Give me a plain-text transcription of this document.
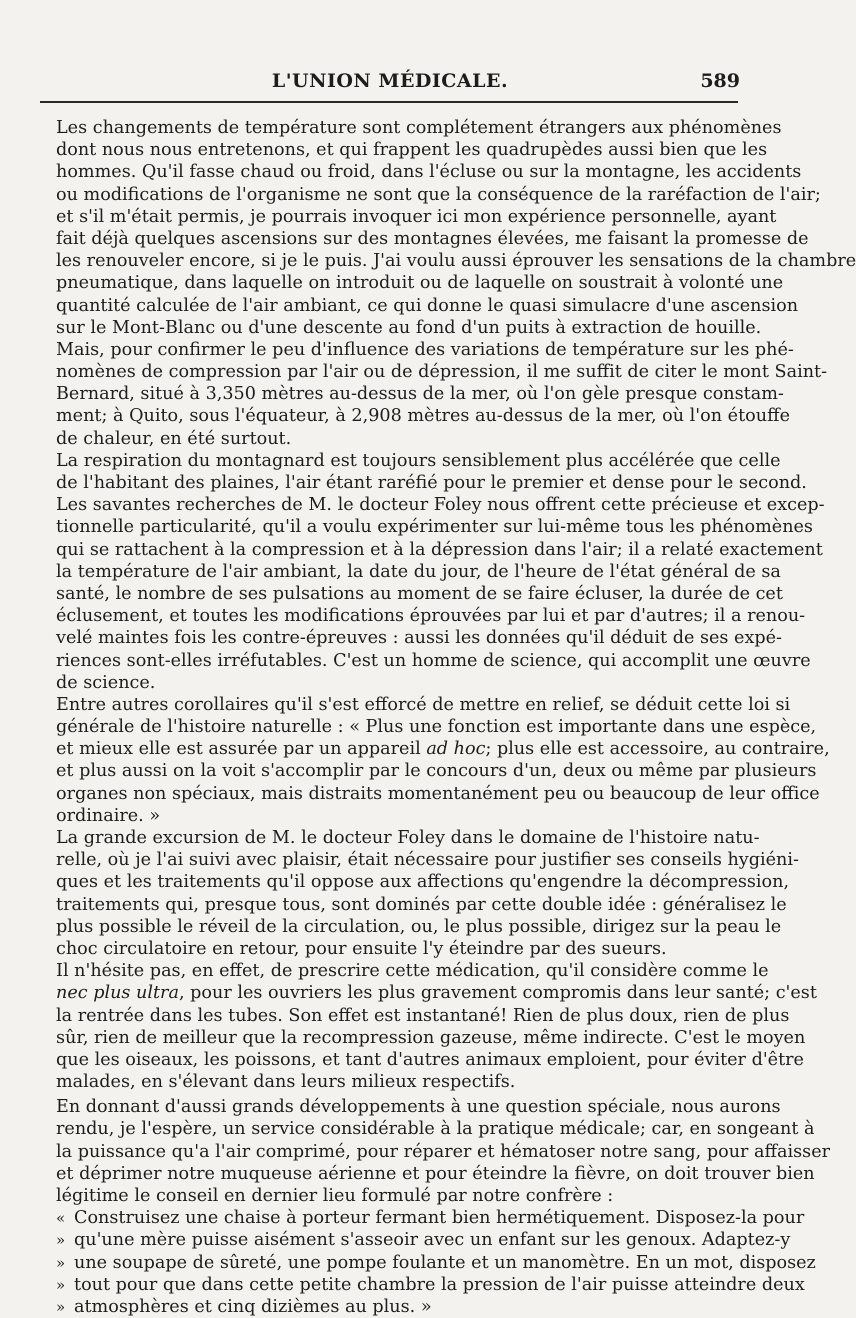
L'UNION MÉDICALE.	589
Les changements de température sont complétement étrangers aux phénomènes
dont nous nous entretenons, et qui frappent les quadrupèdes aussi bien que les
hommes. Qu'il fasse chaud ou froid, dans l'écluse ou sur la montagne, les accidents
ou modifications de l'organisme ne sont que la conséquence de la raréfaction de l'air;
et s'il m'était permis, je pourrais invoquer ici mon expérience personnelle, ayant
fait déjà quelques ascensions sur des montagnes élevées, me faisant la promesse de
les renouveler encore, si je le puis. J'ai voulu aussi éprouver les sensations de la chambre
pneumatique, dans laquelle on introduit ou de laquelle on soustrait à volonté une
quantité calculée de l'air ambiant, ce qui donne le quasi simulacre d'une ascension
sur le Mont-Blanc ou d'une descente au fond d'un puits à extraction de houille.
Mais, pour confirmer le peu d'influence des variations de température sur les phé-
nomènes de compression par l'air ou de dépression, il me suffit de citer le mont Saint-
Bernard, situé à 3,350 mètres au-dessus de la mer, où l'on gèle presque constam-
ment; à Quito, sous l'équateur, à 2,908 mètres au-dessus de la mer, où l'on étouffe
de chaleur, en été surtout.
La respiration du montagnard est toujours sensiblement plus accélérée que celle
de l'habitant des plaines, l'air étant raréfié pour le premier et dense pour le second.
Les savantes recherches de M. le docteur Foley nous offrent cette précieuse et excep-
tionnelle particularité, qu'il a voulu expérimenter sur lui-même tous les phénomènes
qui se rattachent à la compression et à la dépression dans l'air; il a relaté exactement
la température de l'air ambiant, la date du jour, de l'heure de l'état général de sa
santé, le nombre de ses pulsations au moment de se faire écluser, la durée de cet
éclusement, et toutes les modifications éprouvées par lui et par d'autres; il a renou-
velé maintes fois les contre-épreuves : aussi les données qu'il déduit de ses expé-
riences sont-elles irréfutables. C'est un homme de science, qui accomplit une œuvre
de science.
Entre autres corollaires qu'il s'est efforcé de mettre en relief, se déduit cette loi si
générale de l'histoire naturelle : « Plus une fonction est importante dans une espèce,
et mieux elle est assurée par un appareil ad hoc; plus elle est accessoire, au contraire,
et plus aussi on la voit s'accomplir par le concours d'un, deux ou même par plusieurs
organes non spéciaux, mais distraits momentanément peu ou beaucoup de leur office
ordinaire. »
La grande excursion de M. le docteur Foley dans le domaine de l'histoire natu-
relle, où je l'ai suivi avec plaisir, était nécessaire pour justifier ses conseils hygiéni-
ques et les traitements qu'il oppose aux affections qu'engendre la décompression,
traitements qui, presque tous, sont dominés par cette double idée : généralisez le
plus possible le réveil de la circulation, ou, le plus possible, dirigez sur la peau le
choc circulatoire en retour, pour ensuite l'y éteindre par des sueurs.
Il n'hésite pas, en effet, de prescrire cette médication, qu'il considère comme le
nec plus ultra, pour les ouvriers les plus gravement compromis dans leur santé; c'est
la rentrée dans les tubes. Son effet est instantané! Rien de plus doux, rien de plus
sûr, rien de meilleur que la recompression gazeuse, même indirecte. C'est le moyen
que les oiseaux, les poissons, et tant d'autres animaux emploient, pour éviter d'être
malades, en s'élevant dans leurs milieux respectifs.
En donnant d'aussi grands développements à une question spéciale, nous aurons
rendu, je l'espère, un service considérable à la pratique médicale; car, en songeant à
la puissance qu'a l'air comprimé, pour réparer et hématoser notre sang, pour affaisser
et déprimer notre muqueuse aérienne et pour éteindre la fièvre, on doit trouver bien
légitime le conseil en dernier lieu formulé par notre confrère :
« Construisez une chaise à porteur fermant bien hermétiquement. Disposez-la pour
» qu'une mère puisse aisément s'asseoir avec un enfant sur les genoux. Adaptez-y
» une soupape de sûreté, une pompe foulante et un manomètre. En un mot, disposez
» tout pour que dans cette petite chambre la pression de l'air puisse atteindre deux
» atmosphères et cinq dizièmes au plus. »
